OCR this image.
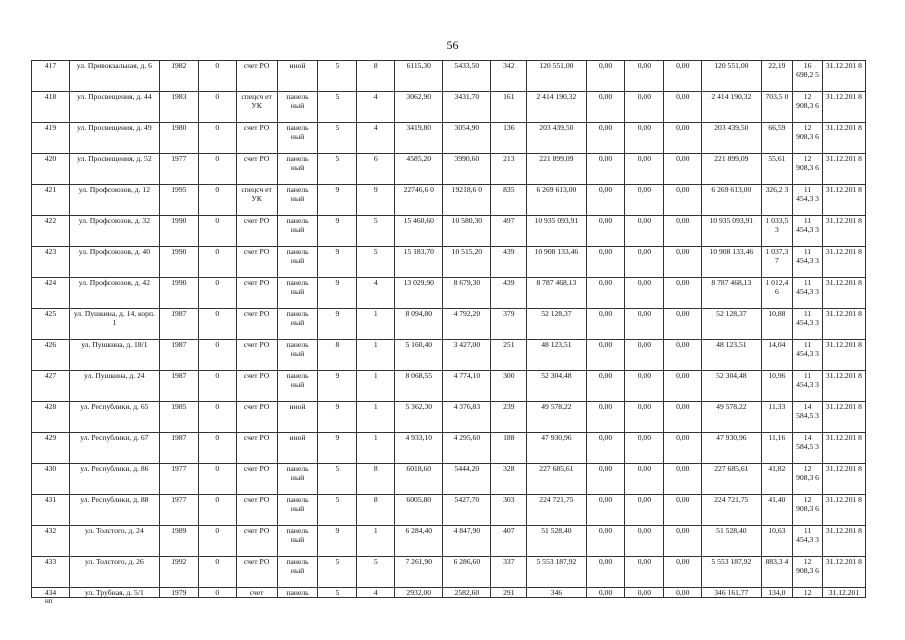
56
417	ул. Привокзальная, д. 6	1982	0	счет РО	иной	5	8	6115,30	5433,50	342	120 551,00	0,00	0,00	0,00	120 551,00	22,19	16 698,2 5	31.12.201 8
418	ул. Просвещения, д. 44	1983	0	спецсч ет УК	панель ный	5	4	3062,90	3431,70	161	2 414 190,32	0,00	0,00	0,00	2 414 190,32	703,5 0	12 908,3 6	31.12.201 8
419	ул. Просвещения, д. 49	1980	0	счет РО	панель ный	5	4	3419,80	3054,90	136	203 439,50	0,00	0,00	0,00	203 439,50	66,59	12 908,3 6	31.12.201 8
420	ул. Просвещения, д. 52	1977	0	счет РО	панель ный	5	6	4585,20	3990,60	213	221 899,09	0,00	0,00	0,00	221 899,09	55,61	12 908,3 6	31.12.201 8
421	ул. Профсоюзов, д. 12	1995	0	спецсч ет УК	панель ный	9	9	22746,6 0	19218,6 0	835	6 269 613,00	0,00	0,00	0,00	6 269 613,00	326,2 3	11 454,3 3	31.12.201 8
422	ул. Профсоюзов, д. 32	1990	0	счет РО	панель ный	9	5	15 460,60	10 580,30	497	10 935 093,91	0,00	0,00	0,00	10 935 093,91	1 033,5 3	11 454,3 3	31.12.201 8
423	ул. Профсоюзов, д. 40	1990	0	счет РО	панель ный	9	5	15 183,70	10 515,20	439	10 908 133,46	0,00	0,00	0,00	10 908 133,46	1 037,3 7	11 454,3 3	31.12.201 8
424	ул. Профсоюзов, д. 42	1990	0	счет РО	панель ный	9	4	13 029,90	8 679,30	439	8 787 468,13	0,00	0,00	0,00	8 787 468,13	1 012,4 6	11 454,3 3	31.12.201 8
425	ул. Пушкина, д. 14, корп. 1	1987	0	счет РО	панель ный	9	1	8 094,80	4 792,20	379	52 128,37	0,00	0,00	0,00	52 128,37	10,88	11 454,3 3	31.12.201 8
426	ул. Пушкина, д. 18/1	1987	0	счет РО	панель ный	8	1	5 160,40	3 427,00	251	48 123,51	0,00	0,00	0,00	48 123,51	14,04	11 454,3 3	31.12.201 8
427	ул. Пушкина, д. 24	1987	0	счет РО	панель ный	9	1	8 068,55	4 774,10	300	52 304,48	0,00	0,00	0,00	52 304,48	10,96	11 454,3 3	31.12.201 8
428	ул. Республики, д. 65	1985	0	счет РО	иной	9	1	5 362,30	4 376,83	239	49 578,22	0,00	0,00	0,00	49 578,22	11,33	14 584,5 3	31.12.201 8
429	ул. Республики, д. 67	1987	0	счет РО	иной	9	1	4 933,10	4 295,60	188	47 930,96	0,00	0,00	0,00	47 930,96	11,16	14 584,5 3	31.12.201 8
430	ул. Республики, д. 86	1977	0	счет РО	панель ный	5	8	6018,60	5444,20	328	227 685,61	0,00	0,00	0,00	227 685,61	41,82	12 908,3 6	31.12.201 8
431	ул. Республики, д. 88	1977	0	счет РО	панель ный	5	8	6005,80	5427,70	303	224 721,75	0,00	0,00	0,00	224 721,75	41,40	12 908,3 6	31.12.201 8
432	ул. Толстого, д. 24	1989	0	счет РО	панель ный	9	1	6 284,40	4 847,90	407	51 528,40	0,00	0,00	0,00	51 528,40	10,63	11 454,3 3	31.12.201 8
433	ул. Толстого, д. 26	1992	0	счет РО	панель ный	5	5	7 261,90	6 286,60	337	5 553 187,92	0,00	0,00	0,00	5 553 187,92	883,3 4	12 908,3 6	31.12.201 8
434	ул. Трубная, д. 5/1	1979	0	счет	панель	5	4	2932,00	2582,60	291	346	0,00	0,00	0,00	346 161,77	134,0	12	31.12.201
нп
